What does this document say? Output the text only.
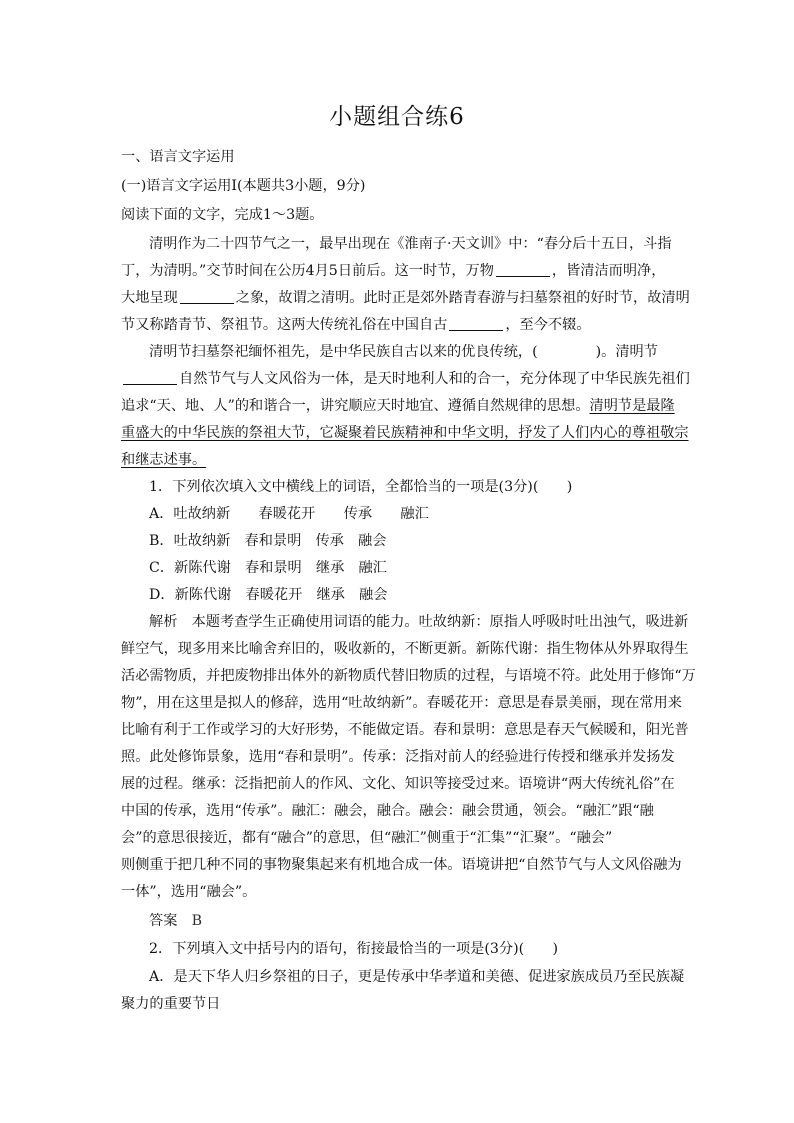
小题组合练6
一、语言文字运用
(一)语言文字运用Ⅰ(本题共3小题，9分)
阅读下面的文字，完成1～3题。
清明作为二十四节气之一，最早出现在《淮南子·天文训》中：“春分后十五日，斗指
丁，为清明。”交节时间在公历4月5日前后。这一时节，万物	，皆清洁而明净，
大地呈现	之象，故谓之清明。此时正是郊外踏青春游与扫墓祭祖的好时节，故清明
节又称踏青节、祭祖节。这两大传统礼俗在中国自古	，至今不辍。
清明节扫墓祭祀缅怀祖先，是中华民族自古以来的优良传统，(	)。清明节
自然节气与人文风俗为一体，是天时地利人和的合一，充分体现了中华民族先祖们
追求“天、地、人”的和谐合一，讲究顺应天时地宜、遵循自然规律的思想。清明节是最隆
重盛大的中华民族的祭祖大节，它凝聚着民族精神和中华文明，抒发了人们内心的尊祖敬宗
和继志述事。
1．下列依次填入文中横线上的词语，全都恰当的一项是(3分)(　　)
A．吐故纳新　　春暖花开　　传承　　融汇
B．吐故纳新　春和景明　传承　融会
C．新陈代谢　春和景明　继承　融汇
D．新陈代谢　春暖花开　继承　融会
解析　 本题考查学生正确使用词语的能力。吐故纳新：原指人呼吸时吐出浊气，吸进新
鲜空气，现多用来比喻舍弃旧的，吸收新的，不断更新。新陈代谢：指生物体从外界取得生
活必需物质，并把废物排出体外的新物质代替旧物质的过程，与语境不符。此处用于修饰“万
物”，用在这里是拟人的修辞，选用“吐故纳新”。春暖花开：意思是春景美丽，现在常用来
比喻有利于工作或学习的大好形势，不能做定语。春和景明：意思是春天气候暖和，阳光普
照。此处修饰景象，选用“春和景明”。传承：泛指对前人的经验进行传授和继承并发扬发
展的过程。继承：泛指把前人的作风、文化、知识等接受过来。语境讲“两大传统礼俗”在
中国的传承，选用“传承”。融汇：融会，融合。融会：融会贯通，领会。“融汇”跟“融
会”的意思很接近，都有“融合”的意思，但“融汇”侧重于“汇集”“汇聚”。“融会”
则侧重于把几种不同的事物聚集起来有机地合成一体。语境讲把“自然节气与人文风俗融为
一体”，选用“融会”。
答案　 B
2．下列填入文中括号内的语句，衔接最恰当的一项是(3分)(　　)
A．是天下华人归乡祭祖的日子，更是传承中华孝道和美德、促进家族成员乃至民族凝
聚力的重要节日
